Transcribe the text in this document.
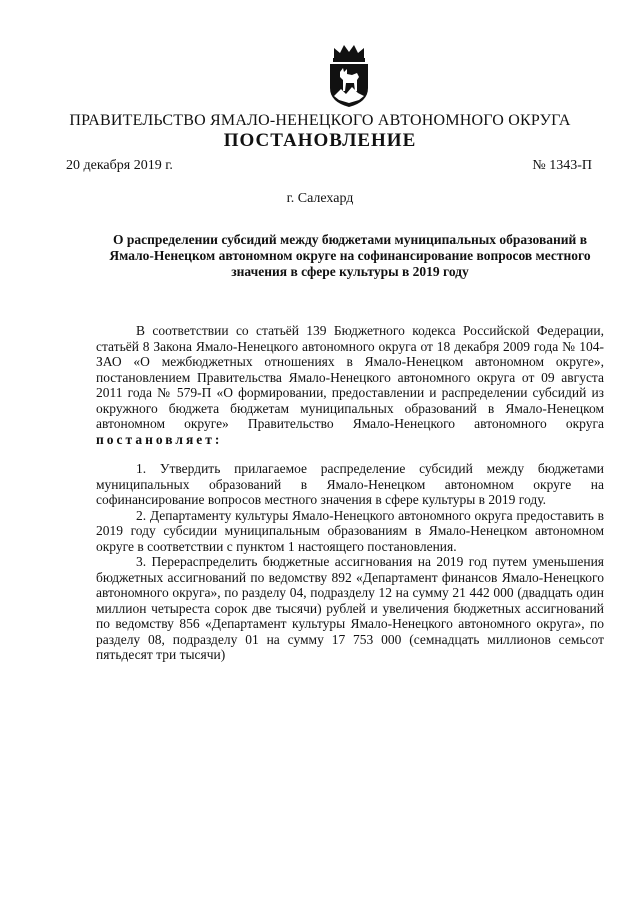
ПРАВИТЕЛЬСТВО ЯМАЛО-НЕНЕЦКОГО АВТОНОМНОГО ОКРУГА
ПОСТАНОВЛЕНИЕ
20 декабря 2019 г.	№ 1343-П
г. Салехард
О распределении субсидий между бюджетами муниципальных образований в Ямало-Ненецком автономном округе на софинансирование вопросов местного значения в сфере культуры в 2019 году

В соответствии со статьёй 139 Бюджетного кодекса Российской Федерации, статьёй 8 Закона Ямало-Ненецкого автономного округа от 18 декабря 2009 года № 104-ЗАО «О межбюджетных отношениях в Ямало-Ненецком автономном округе», постановлением Правительства Ямало-Ненецкого автономного округа от 09 августа 2011 года № 579-П «О формировании, предоставлении и распределении субсидий из окружного бюджета бюджетам муниципальных образований в Ямало-Ненецком автономном округе» Правительство Ямало-Ненецкого автономного округа постановляет:

1. Утвердить прилагаемое распределение субсидий между бюджетами муниципальных образований в Ямало-Ненецком автономном округе на софинансирование вопросов местного значения в сфере культуры в 2019 году.

2. Департаменту культуры Ямало-Ненецкого автономного округа предоставить в 2019 году субсидии муниципальным образованиям в Ямало-Ненецком автономном округе в соответствии с пунктом 1 настоящего постановления.

3. Перераспределить бюджетные ассигнования на 2019 год путем уменьшения бюджетных ассигнований по ведомству 892 «Департамент финансов Ямало-Ненецкого автономного округа», по разделу 04, подразделу 12 на сумму 21 442 000 (двадцать один миллион четыреста сорок две тысячи) рублей и увеличения бюджетных ассигнований по ведомству 856 «Департамент культуры Ямало-Ненецкого автономного округа», по разделу 08, подразделу 01 на сумму 17 753 000 (семнадцать миллионов семьсот пятьдесят три тысячи)
